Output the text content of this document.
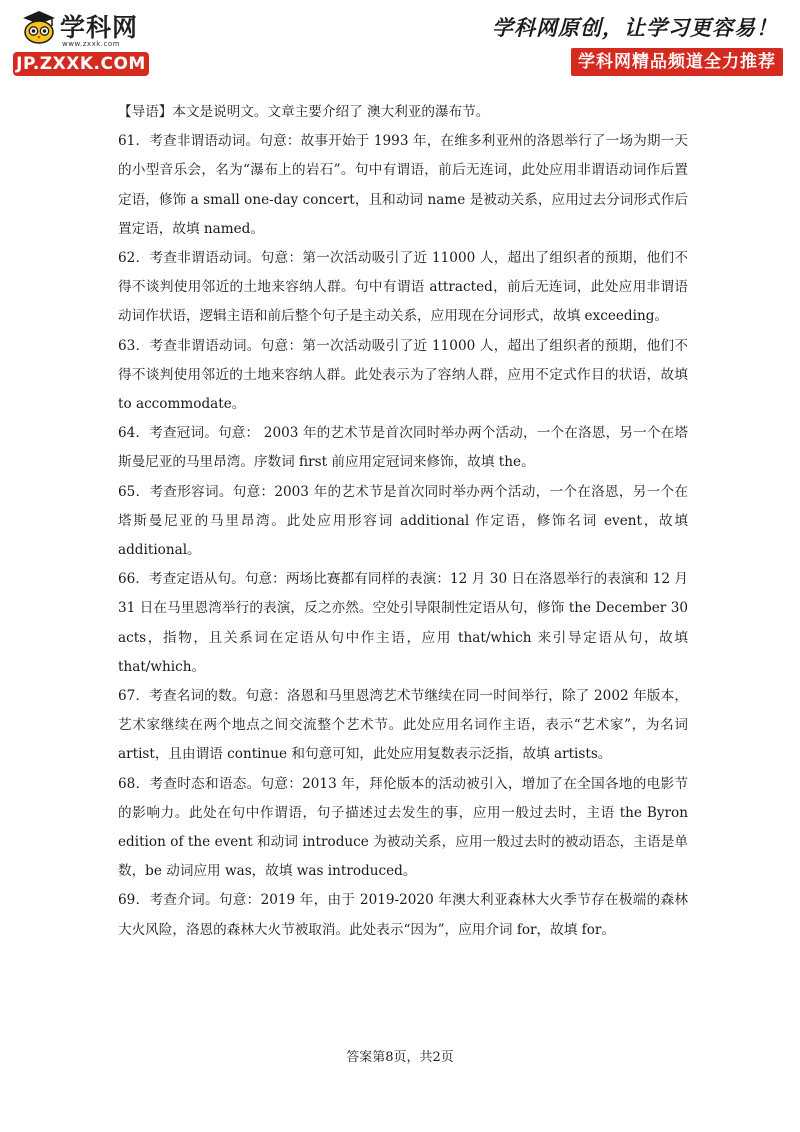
学科网
www.zxxk.com
JP.ZXXK.COM
学科网原创，让学习更容易！
学科网精品频道全力推荐

【导语】本文是说明文。文章主要介绍了 澳大利亚的瀑布节。

61．考查非谓语动词。句意：故事开始于 1993 年，在维多利亚州的洛恩举行了一场为期一天的小型音乐会，名为“瀑布上的岩石”。句中有谓语，前后无连词，此处应用非谓语动词作后置定语，修饰 a small one-day concert，且和动词 name 是被动关系，应用过去分词形式作后置定语，故填 named。

62．考查非谓语动词。句意：第一次活动吸引了近 11000 人，超出了组织者的预期，他们不得不谈判使用邻近的土地来容纳人群。句中有谓语 attracted，前后无连词，此处应用非谓语动词作状语，逻辑主语和前后整个句子是主动关系，应用现在分词形式，故填 exceeding。

63．考查非谓语动词。句意：第一次活动吸引了近 11000 人，超出了组织者的预期，他们不得不谈判使用邻近的土地来容纳人群。此处表示为了容纳人群，应用不定式作目的状语，故填 to accommodate。

64．考查冠词。句意： 2003 年的艺术节是首次同时举办两个活动，一个在洛恩，另一个在塔斯曼尼亚的马里昂湾。序数词 first 前应用定冠词来修饰，故填 the。

65．考查形容词。句意：2003 年的艺术节是首次同时举办两个活动，一个在洛恩，另一个在塔斯曼尼亚的马里昂湾。此处应用形容词 additional 作定语，修饰名词 event，故填 additional。

66．考查定语从句。句意：两场比赛都有同样的表演：12 月 30 日在洛恩举行的表演和 12 月 31 日在马里恩湾举行的表演，反之亦然。空处引导限制性定语从句，修饰 the December 30 acts，指物，且关系词在定语从句中作主语，应用 that/which 来引导定语从句，故填 that/which。

67．考查名词的数。句意：洛恩和马里恩湾艺术节继续在同一时间举行，除了 2002 年版本，艺术家继续在两个地点之间交流整个艺术节。此处应用名词作主语，表示“艺术家”，为名词 artist，且由谓语 continue 和句意可知，此处应用复数表示泛指，故填 artists。

68．考查时态和语态。句意：2013 年，拜伦版本的活动被引入，增加了在全国各地的电影节的影响力。此处在句中作谓语，句子描述过去发生的事，应用一般过去时，主语 the Byron edition of the event 和动词 introduce 为被动关系，应用一般过去时的被动语态，主语是单数，be 动词应用 was，故填 was introduced。

69．考查介词。句意：2019 年，由于 2019-2020 年澳大利亚森林大火季节存在极端的森林大火风险，洛恩的森林大火节被取消。此处表示“因为”，应用介词 for，故填 for。

答案第8页，共2页
